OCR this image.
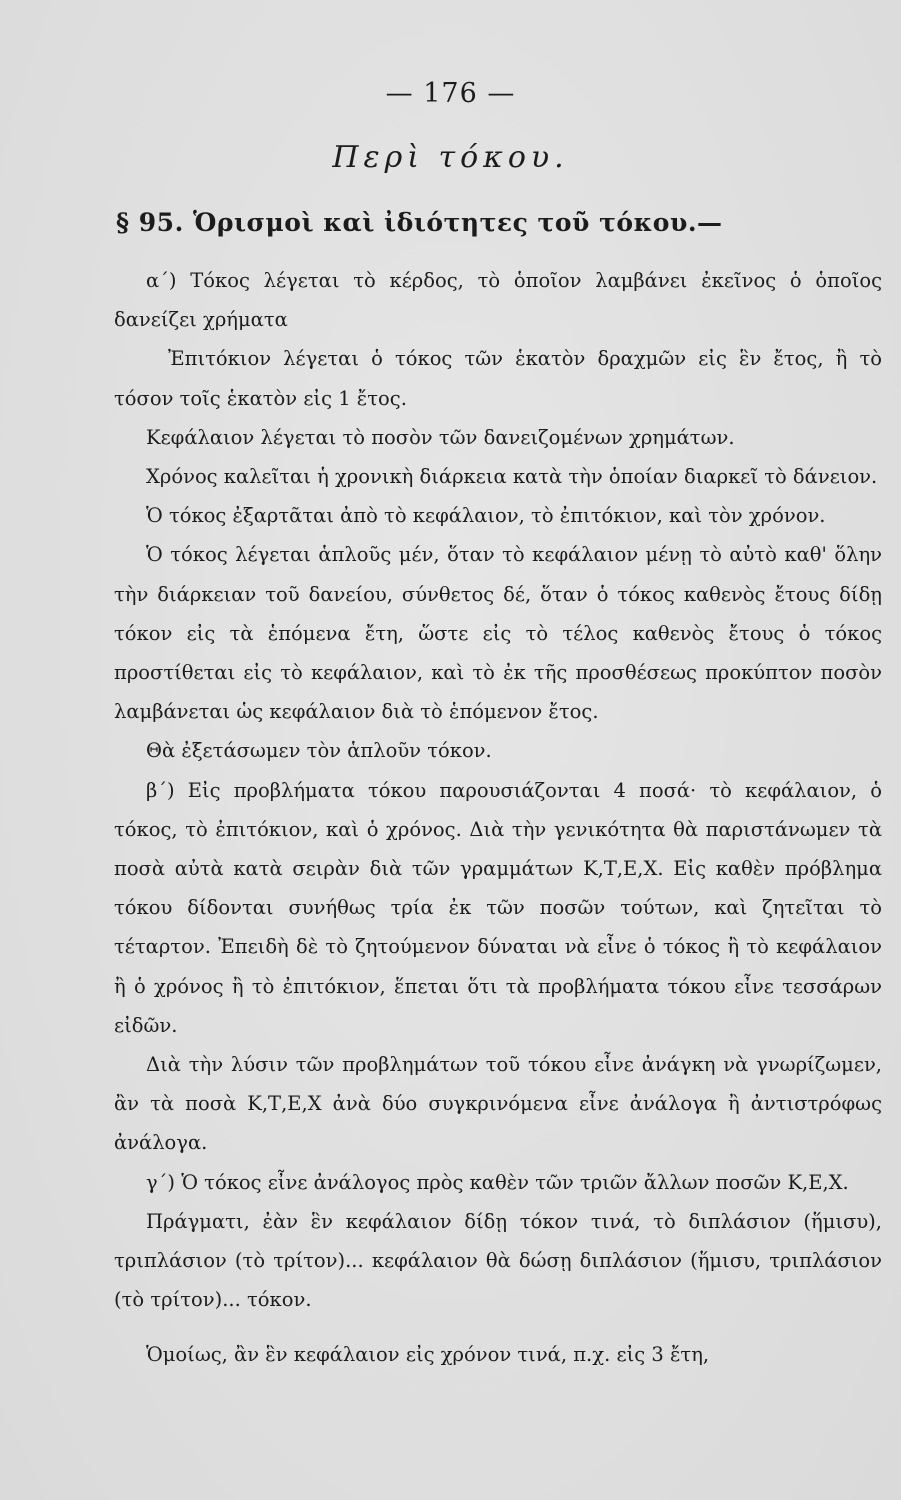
— 176 —
Περὶ τόκου.
§ 95. Ὁρισμοὶ καὶ ἰδιότητες τοῦ τόκου.—

α΄) Τόκος λέγεται τὸ κέρδος, τὸ ὁποῖον λαμβάνει ἐκεῖνος ὁ ὁποῖος δανείζει χρήματα

Ἐπιτόκιον λέγεται ὁ τόκος τῶν ἑκατὸν δραχμῶν εἰς ἓν ἔτος, ἢ τὸ τόσον τοῖς ἑκατὸν εἰς 1 ἔτος.

Κεφάλαιον λέγεται τὸ ποσὸν τῶν δανειζομένων χρημάτων.

Χρόνος καλεῖται ἡ χρονικὴ διάρκεια κατὰ τὴν ὁποίαν διαρκεῖ τὸ δάνειον.

Ὁ τόκος ἐξαρτᾶται ἀπὸ τὸ κεφάλαιον, τὸ ἐπιτόκιον, καὶ τὸν χρόνον.

Ὁ τόκος λέγεται ἁπλοῦς μέν, ὅταν τὸ κεφάλαιον μένῃ τὸ αὐτὸ καθ' ὅλην τὴν διάρκειαν τοῦ δανείου, σύνθετος δέ, ὅταν ὁ τόκος καθενὸς ἔτους δίδῃ τόκον εἰς τὰ ἑπόμενα ἔτη, ὥστε εἰς τὸ τέλος καθενὸς ἔτους ὁ τόκος προστίθεται εἰς τὸ κεφάλαιον, καὶ τὸ ἐκ τῆς προσθέσεως προκύπτον ποσὸν λαμβάνεται ὡς κεφάλαιον διὰ τὸ ἑπόμενον ἔτος.

Θὰ ἐξετάσωμεν τὸν ἁπλοῦν τόκον.

β΄) Εἰς προβλήματα τόκου παρουσιάζονται 4 ποσά· τὸ κεφάλαιον, ὁ τόκος, τὸ ἐπιτόκιον, καὶ ὁ χρόνος. Διὰ τὴν γενικότητα θὰ παριστάνωμεν τὰ ποσὰ αὐτὰ κατὰ σειρὰν διὰ τῶν γραμμάτων Κ,Τ,Ε,Χ. Εἰς καθὲν πρόβλημα τόκου δίδονται συνήθως τρία ἐκ τῶν ποσῶν τούτων, καὶ ζητεῖται τὸ τέταρτον. Ἐπειδὴ δὲ τὸ ζητούμενον δύναται νὰ εἶνε ὁ τόκος ἢ τὸ κεφάλαιον ἢ ὁ χρόνος ἢ τὸ ἐπιτόκιον, ἕπεται ὅτι τὰ προβλήματα τόκου εἶνε τεσσάρων εἰδῶν.

Διὰ τὴν λύσιν τῶν προβλημάτων τοῦ τόκου εἶνε ἀνάγκη νὰ γνωρίζωμεν, ἂν τὰ ποσὰ Κ,Τ,Ε,Χ ἀνὰ δύο συγκρινόμενα εἶνε ἀνάλογα ἢ ἀντιστρόφως ἀνάλογα.

γ΄) Ὁ τόκος εἶνε ἀνάλογος πρὸς καθὲν τῶν τριῶν ἄλλων ποσῶν Κ,Ε,Χ.

Πράγματι, ἐὰν ἓν κεφάλαιον δίδῃ τόκον τινά, τὸ διπλάσιον (ἥμισυ), τριπλάσιον (τὸ τρίτον)... κεφάλαιον θὰ δώσῃ διπλάσιον (ἥμισυ, τριπλάσιον (τὸ τρίτον)... τόκον.

Ὁμοίως, ἂν ἓν κεφάλαιον εἰς χρόνον τινά, π.χ. εἰς 3 ἔτη,
